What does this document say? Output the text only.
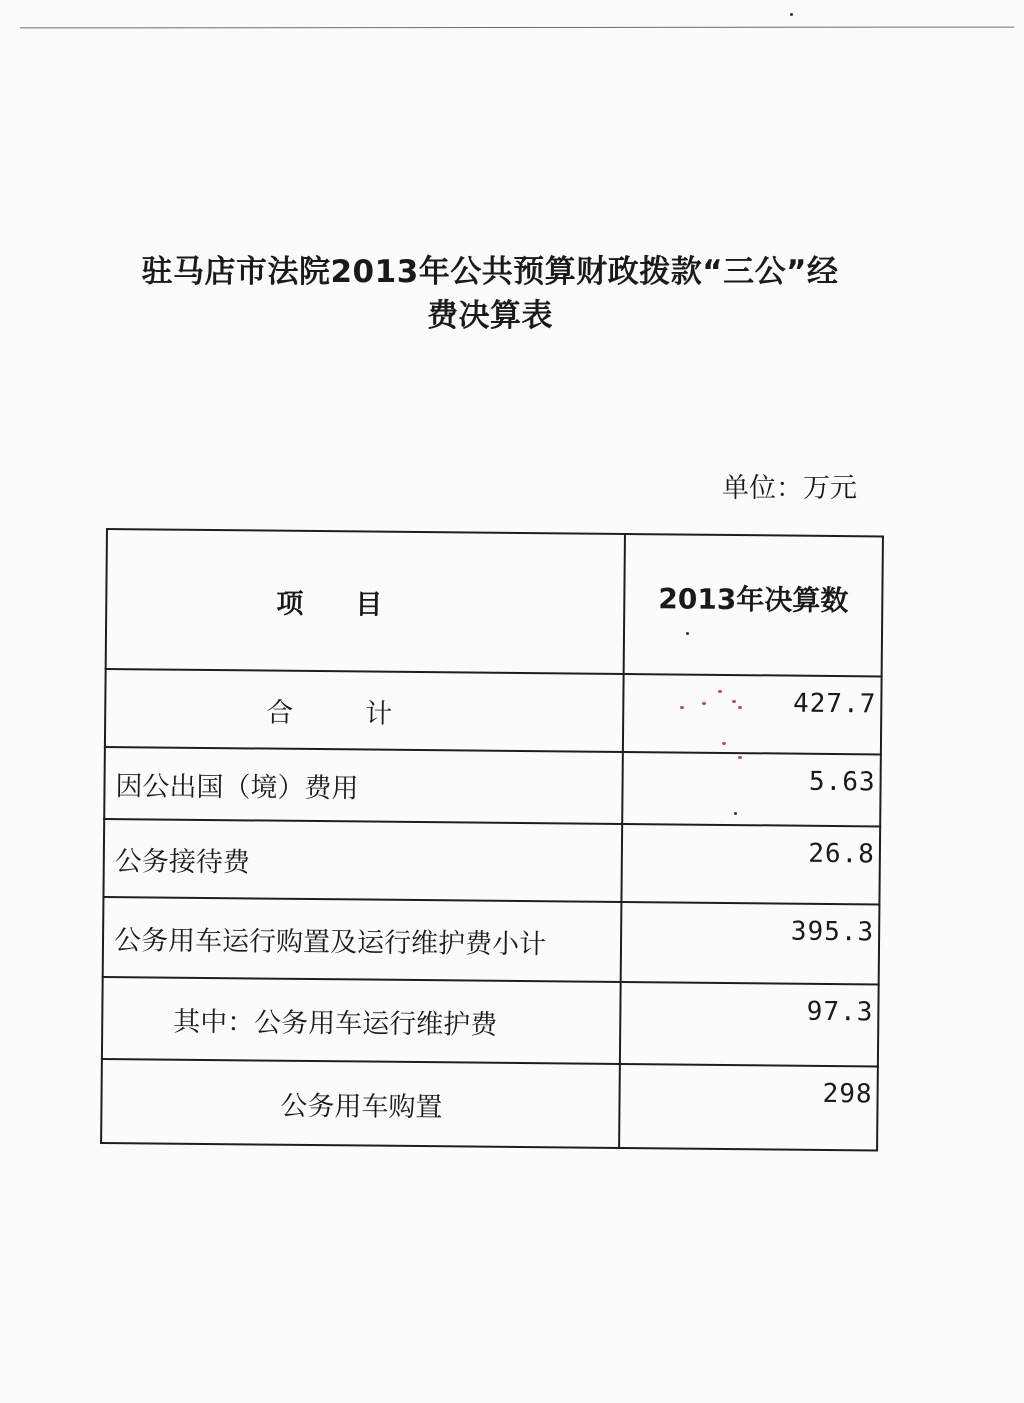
驻马店市法院2013年公共预算财政拨款“三公”经
费决算表
单位：万元
项 目	2013年决算数
合 计	427.7
因公出国（境）费用	5.63
公务接待费	26.8
公务用车运行购置及运行维护费小计	395.3
其中：公务用车运行维护费	97.3
公务用车购置	298
